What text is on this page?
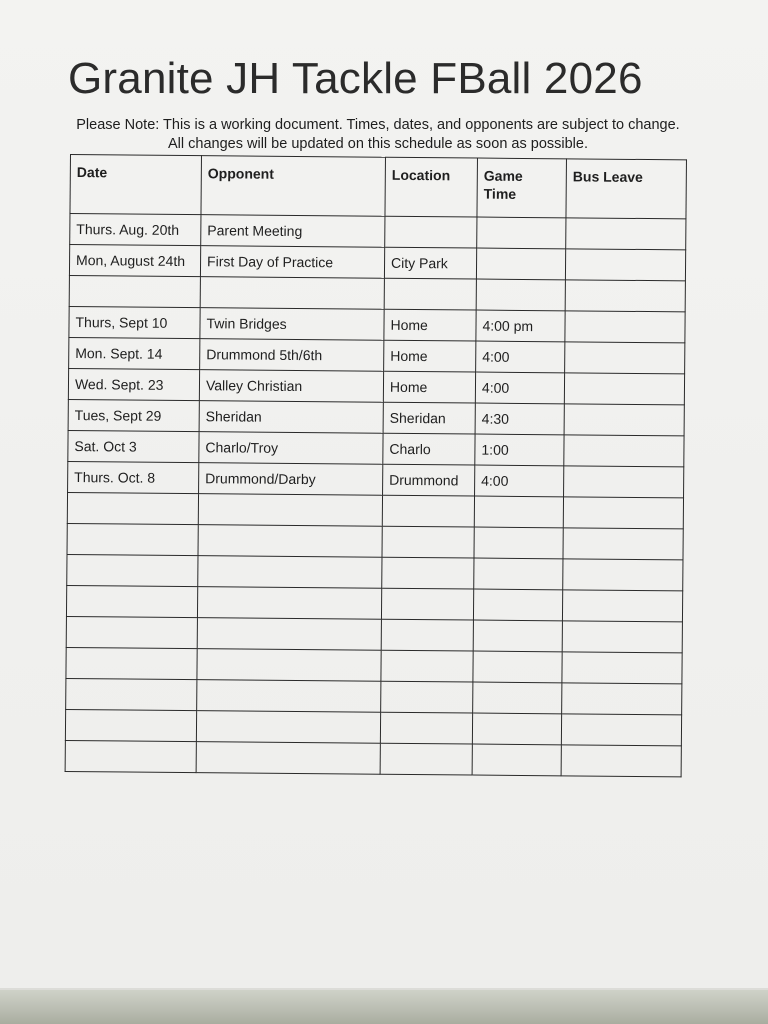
Granite JH Tackle FBall 2026
Please Note: This is a working document. Times, dates, and opponents are subject to change.
All changes will be updated on this schedule as soon as possible.
Date	Opponent	Location	Game Time	Bus Leave
Thurs. Aug. 20th	Parent Meeting			
Mon, August 24th	First Day of Practice	City Park		

Thurs, Sept 10	Twin Bridges	Home	4:00 pm	
Mon. Sept. 14	Drummond 5th/6th	Home	4:00	
Wed. Sept. 23	Valley Christian	Home	4:00	
Tues, Sept 29	Sheridan	Sheridan	4:30	
Sat. Oct 3	Charlo/Troy	Charlo	1:00	
Thurs. Oct. 8	Drummond/Darby	Drummond	4:00	
